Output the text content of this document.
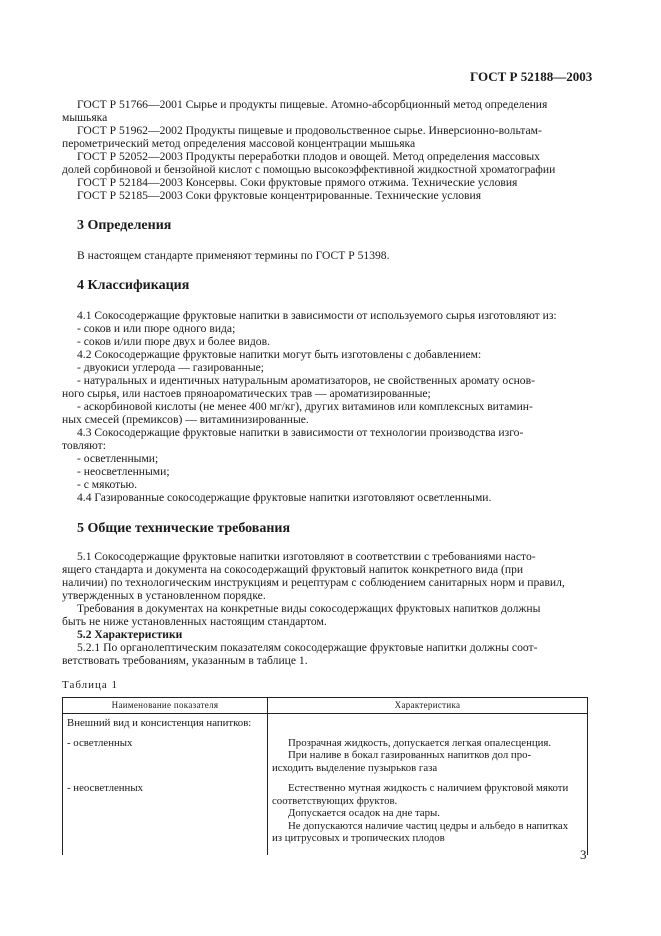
ГОСТ Р 52188—2003
ГОСТ Р 51766—2001 Сырье и продукты пищевые. Атомно-абсорбционный метод определения
мышьяка
ГОСТ Р 51962—2002 Продукты пищевые и продовольственное сырье. Инверсионно-вольтам-
перометрический метод определения массовой концентрации мышьяка
ГОСТ Р 52052—2003 Продукты переработки плодов и овощей. Метод определения массовых
долей сорбиновой и бензойной кислот с помощью высокоэффективной жидкостной хроматографии
ГОСТ Р 52184—2003 Консервы. Соки фруктовые прямого отжима. Технические условия
ГОСТ Р 52185—2003 Соки фруктовые концентрированные. Технические условия
3 Определения
В настоящем стандарте применяют термины по ГОСТ Р 51398.
4 Классификация
4.1 Сокосодержащие фруктовые напитки в зависимости от используемого сырья изготовляют из:
- соков и или пюре одного вида;
- соков и/или пюре двух и более видов.
4.2 Сокосодержащие фруктовые напитки могут быть изготовлены с добавлением:
- двуокиси углерода — газированные;
- натуральных и идентичных натуральным ароматизаторов, не свойственных аромату основ-
ного сырья, или настоев пряноароматических трав — ароматизированные;
- аскорбиновой кислоты (не менее 400 мг/кг), других витаминов или комплексных витамин-
ных смесей (премиксов) — витаминизированные.
4.3 Сокосодержащие фруктовые напитки в зависимости от технологии производства изго-
товляют:
- осветленными;
- неосветленными;
- с мякотью.
4.4 Газированные сокосодержащие фруктовые напитки изготовляют осветленными.
5 Общие технические требования
5.1 Сокосодержащие фруктовые напитки изготовляют в соответствии с требованиями насто-
ящего стандарта и документа на сокосодержащий фруктовый напиток конкретного вида (при
наличии) по технологическим инструкциям и рецептурам с соблюдением санитарных норм и правил,
утвержденных в установленном порядке.
Требования в документах на конкретные виды сокосодержащих фруктовых напитков должны
быть не ниже установленных настоящим стандартом.
5.2 Характеристики
5.2.1 По органолептическим показателям сокосодержащие фруктовые напитки должны соот-
ветствовать требованиям, указанным в таблице 1.
Таблица 1
Наименование показателя	Характеристика
Внешний вид и консистенция напитков:	
- осветленных	Прозрачная жидкость, допускается легкая опалесценция.
При наливе в бокал газированных напитков дол про-
исходить выделение пузырьков газа
- неосветленных	Естественно мутная жидкость с наличием фруктовой мякоти
соответствующих фруктов.
Допускается осадок на дне тары.
Не допускаются наличие частиц цедры и альбедо в напитках
из цитрусовых и тропических плодов
3
